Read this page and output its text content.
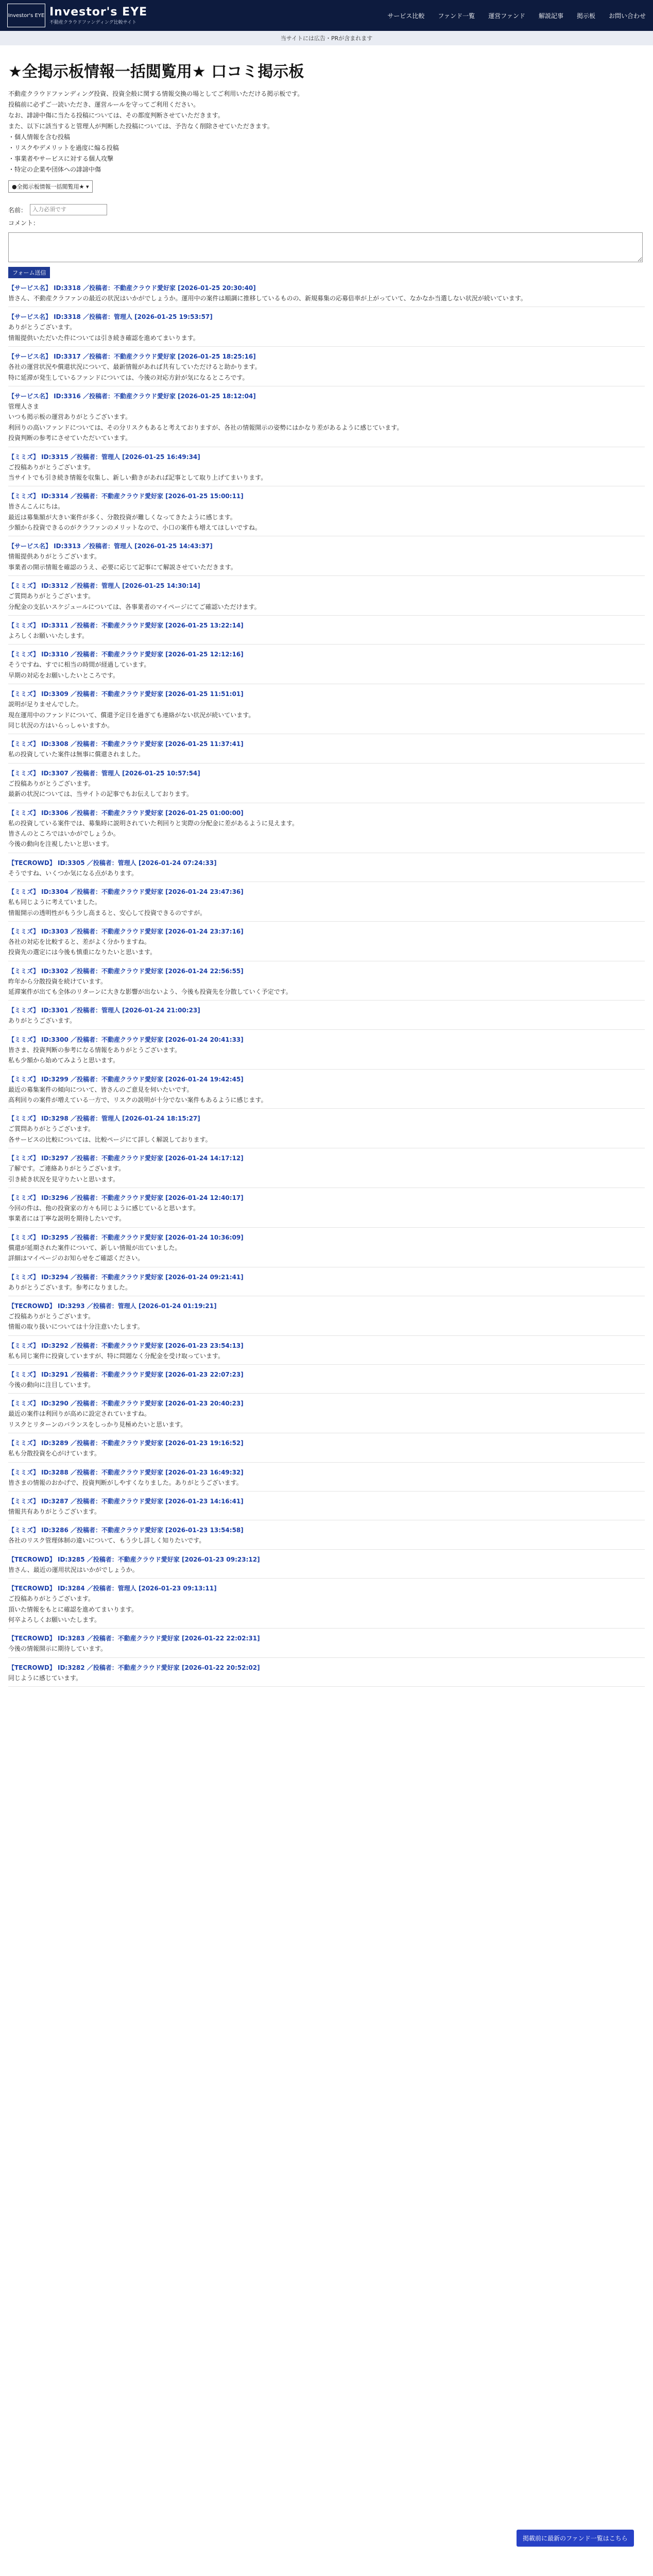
Investor's EYE Investor's EYE
不動産クラウドファンディング比較サイト
サービス比較 ファンド一覧 運営ファンド 解説記事 掲示板 お問い合わせ
当サイトには広告・PRが含まれます
★全掲示板情報一括閲覧用★ 口コミ掲示板

不動産クラウドファンディング投資、投資全般に関する情報交換の場としてご利用いただける掲示板です。

投稿前に必ずご一読いただき、運営ルールを守ってご利用ください。

なお、誹謗中傷に当たる投稿については、その都度判断させていただきます。

また、以下に該当すると管理人が判断した投稿については、予告なく削除させていただきます。

・個人情報を含む投稿

・リスクやデメリットを過度に煽る投稿

・事業者やサービスに対する個人攻撃

・特定の企業や団体への誹謗中傷

●全掲示板情報一括閲覧用★ ▾
名前：
入力必須です
コメント：
フォーム送信
【サービス名】 ID:3318 ／投稿者：不動産クラウド愛好家 [2026-01-25 20:30:40]
皆さん、不動産クラファンの最近の状況はいかがでしょうか。運用中の案件は順調に推移しているものの、新規募集の応募倍率が上がっていて、なかなか当選しない状況が続いています。
【サービス名】 ID:3318 ／投稿者：管理人 [2026-01-25 19:53:57]
ありがとうございます。
情報提供いただいた件については引き続き確認を進めてまいります。
【サービス名】 ID:3317 ／投稿者：不動産クラウド愛好家 [2026-01-25 18:25:16]
各社の運営状況や償還状況について、最新情報があれば共有していただけると助かります。
特に延滞が発生しているファンドについては、今後の対応方針が気になるところです。
【サービス名】 ID:3316 ／投稿者：不動産クラウド愛好家 [2026-01-25 18:12:04]
管理人さま
いつも掲示板の運営ありがとうございます。
利回りの高いファンドについては、その分リスクもあると考えておりますが、各社の情報開示の姿勢にはかなり差があるように感じています。
投資判断の参考にさせていただいています。
【ミミズ】 ID:3315 ／投稿者：管理人 [2026-01-25 16:49:34]
ご投稿ありがとうございます。
当サイトでも引き続き情報を収集し、新しい動きがあれば記事として取り上げてまいります。
【ミミズ】 ID:3314 ／投稿者：不動産クラウド愛好家 [2026-01-25 15:00:11]
皆さんこんにちは。
最近は募集額が大きい案件が多く、分散投資が難しくなってきたように感じます。
少額から投資できるのがクラファンのメリットなので、小口の案件も増えてほしいですね。
【サービス名】 ID:3313 ／投稿者：管理人 [2026-01-25 14:43:37]
情報提供ありがとうございます。
事業者の開示情報を確認のうえ、必要に応じて記事にて解説させていただきます。
【ミミズ】 ID:3312 ／投稿者：管理人 [2026-01-25 14:30:14]
ご質問ありがとうございます。
分配金の支払いスケジュールについては、各事業者のマイページにてご確認いただけます。
【ミミズ】 ID:3311 ／投稿者：不動産クラウド愛好家 [2026-01-25 13:22:14]
よろしくお願いいたします。
【ミミズ】 ID:3310 ／投稿者：不動産クラウド愛好家 [2026-01-25 12:12:16]
そうですね、すでに相当の時間が経過しています。
早期の対応をお願いしたいところです。
【ミミズ】 ID:3309 ／投稿者：不動産クラウド愛好家 [2026-01-25 11:51:01]
説明が足りませんでした。
現在運用中のファンドについて、償還予定日を過ぎても連絡がない状況が続いています。
同じ状況の方はいらっしゃいますか。
【ミミズ】 ID:3308 ／投稿者：不動産クラウド愛好家 [2026-01-25 11:37:41]
私の投資していた案件は無事に償還されました。
【ミミズ】 ID:3307 ／投稿者：管理人 [2026-01-25 10:57:54]
ご投稿ありがとうございます。
最新の状況については、当サイトの記事でもお伝えしております。
【ミミズ】 ID:3306 ／投稿者：不動産クラウド愛好家 [2026-01-25 01:00:00]
私の投資している案件では、募集時に説明されていた利回りと実際の分配金に差があるように見えます。
皆さんのところではいかがでしょうか。
今後の動向を注視したいと思います。
【TECROWD】 ID:3305 ／投稿者：管理人 [2026-01-24 07:24:33]
そうですね、いくつか気になる点があります。
【ミミズ】 ID:3304 ／投稿者：不動産クラウド愛好家 [2026-01-24 23:47:36]
私も同じように考えていました。
情報開示の透明性がもう少し高まると、安心して投資できるのですが。
【ミミズ】 ID:3303 ／投稿者：不動産クラウド愛好家 [2026-01-24 23:37:16]
各社の対応を比較すると、差がよく分かりますね。
投資先の選定には今後も慎重になりたいと思います。
【ミミズ】 ID:3302 ／投稿者：不動産クラウド愛好家 [2026-01-24 22:56:55]
昨年から分散投資を続けています。
延滞案件が出ても全体のリターンに大きな影響が出ないよう、今後も投資先を分散していく予定です。
【ミミズ】 ID:3301 ／投稿者：管理人 [2026-01-24 21:00:23]
ありがとうございます。
【ミミズ】 ID:3300 ／投稿者：不動産クラウド愛好家 [2026-01-24 20:41:33]
皆さま、投資判断の参考になる情報をありがとうございます。
私も少額から始めてみようと思います。
【ミミズ】 ID:3299 ／投稿者：不動産クラウド愛好家 [2026-01-24 19:42:45]
最近の募集案件の傾向について、皆さんのご意見を伺いたいです。
高利回りの案件が増えている一方で、リスクの説明が十分でない案件もあるように感じます。
【ミミズ】 ID:3298 ／投稿者：管理人 [2026-01-24 18:15:27]
ご質問ありがとうございます。
各サービスの比較については、比較ページにて詳しく解説しております。
【ミミズ】 ID:3297 ／投稿者：不動産クラウド愛好家 [2026-01-24 14:17:12]
了解です。ご連絡ありがとうございます。
引き続き状況を見守りたいと思います。
【ミミズ】 ID:3296 ／投稿者：不動産クラウド愛好家 [2026-01-24 12:40:17]
今回の件は、他の投資家の方々も同じように感じていると思います。
事業者には丁寧な説明を期待したいです。
【ミミズ】 ID:3295 ／投稿者：不動産クラウド愛好家 [2026-01-24 10:36:09]
償還が延期された案件について、新しい情報が出ていました。
詳細はマイページのお知らせをご確認ください。
【ミミズ】 ID:3294 ／投稿者：不動産クラウド愛好家 [2026-01-24 09:21:41]
ありがとうございます。参考になりました。
【TECROWD】 ID:3293 ／投稿者：管理人 [2026-01-24 01:19:21]
ご投稿ありがとうございます。
情報の取り扱いについては十分注意いたします。
【ミミズ】 ID:3292 ／投稿者：不動産クラウド愛好家 [2026-01-23 23:54:13]
私も同じ案件に投資していますが、特に問題なく分配金を受け取っています。
【ミミズ】 ID:3291 ／投稿者：不動産クラウド愛好家 [2026-01-23 22:07:23]
今後の動向に注目しています。
【ミミズ】 ID:3290 ／投稿者：不動産クラウド愛好家 [2026-01-23 20:40:23]
最近の案件は利回りが高めに設定されていますね。
リスクとリターンのバランスをしっかり見極めたいと思います。
【ミミズ】 ID:3289 ／投稿者：不動産クラウド愛好家 [2026-01-23 19:16:52]
私も分散投資を心がけています。
【ミミズ】 ID:3288 ／投稿者：不動産クラウド愛好家 [2026-01-23 16:49:32]
皆さまの情報のおかげで、投資判断がしやすくなりました。ありがとうございます。
【ミミズ】 ID:3287 ／投稿者：不動産クラウド愛好家 [2026-01-23 14:16:41]
情報共有ありがとうございます。
【ミミズ】 ID:3286 ／投稿者：不動産クラウド愛好家 [2026-01-23 13:54:58]
各社のリスク管理体制の違いについて、もう少し詳しく知りたいです。
【TECROWD】 ID:3285 ／投稿者：不動産クラウド愛好家 [2026-01-23 09:23:12]
皆さん、最近の運用状況はいかがでしょうか。
【TECROWD】 ID:3284 ／投稿者：管理人 [2026-01-23 09:13:11]
ご投稿ありがとうございます。
頂いた情報をもとに確認を進めてまいります。
何卒よろしくお願いいたします。
【TECROWD】 ID:3283 ／投稿者：不動産クラウド愛好家 [2026-01-22 22:02:31]
今後の情報開示に期待しています。
【TECROWD】 ID:3282 ／投稿者：不動産クラウド愛好家 [2026-01-22 20:52:02]
同じように感じています。
掲載前に最新のファンド一覧はこちら
